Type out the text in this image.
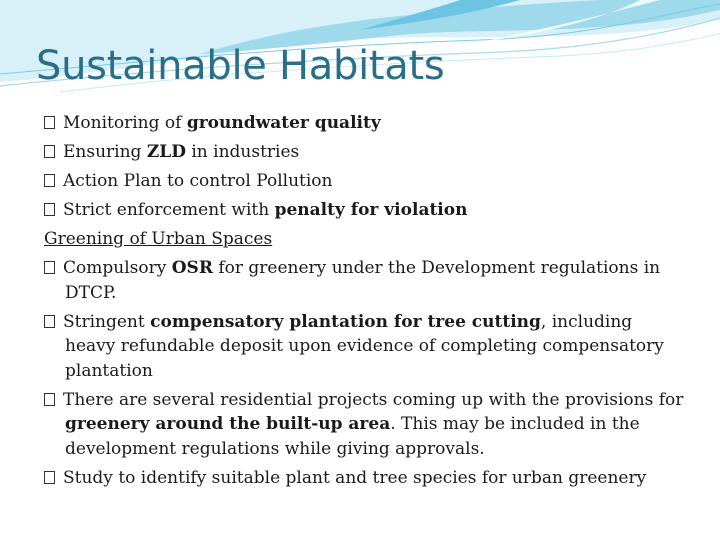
Sustainable Habitats

Monitoring of groundwater quality

Ensuring ZLD in industries

Action Plan to control Pollution

Strict enforcement with penalty for violation

Greening of Urban Spaces

Compulsory OSR for greenery under the Development regulations in DTCP.

Stringent compensatory plantation for tree cutting, including heavy refundable deposit upon evidence of completing compensatory plantation

There are several residential projects coming up with the provisions for greenery around the built-up area. This may be included in the development regulations while giving approvals.

Study to identify suitable plant and tree species for urban greenery
